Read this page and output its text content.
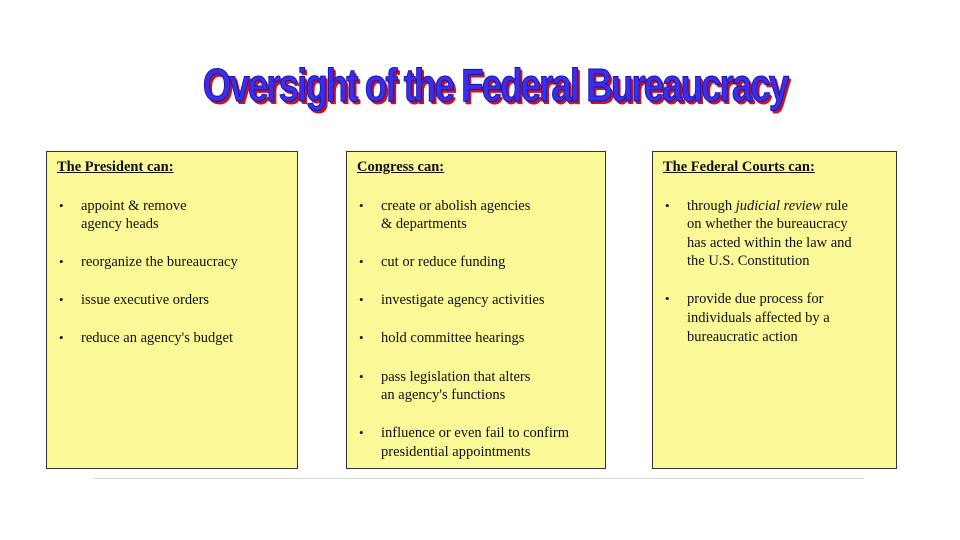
Oversight of the Federal Bureaucracy
The President can:
• appoint & remove
agency heads
• reorganize the bureaucracy
• issue executive orders
• reduce an agency's budget
Congress can:
• create or abolish agencies
& departments
• cut or reduce funding
• investigate agency activities
• hold committee hearings
• pass legislation that alters
an agency's functions
• influence or even fail to confirm
presidential appointments
The Federal Courts can:
• through judicial review rule
on whether the bureaucracy
has acted within the law and
the U.S. Constitution
• provide due process for
individuals affected by a
bureaucratic action
